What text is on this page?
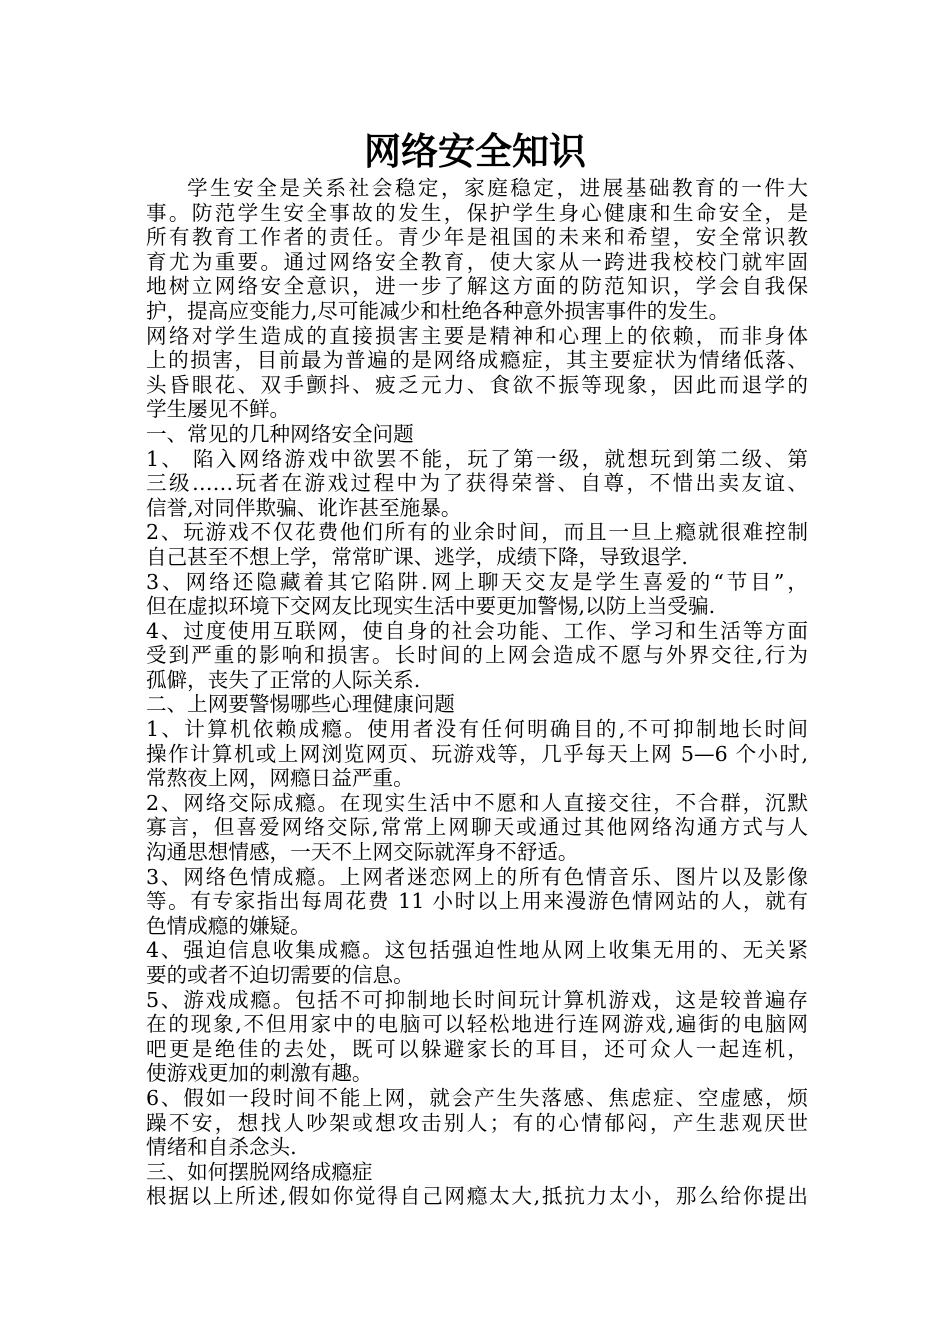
网络安全知识
学生安全是关系社会稳定，家庭稳定，进展基础教育的一件大
事。防范学生安全事故的发生，保护学生身心健康和生命安全，是
所有教育工作者的责任。青少年是祖国的未来和希望，安全常识教
育尤为重要。通过网络安全教育，使大家从一跨进我校校门就牢固
地树立网络安全意识，进一步了解这方面的防范知识，学会自我保
护，提高应变能力,尽可能减少和杜绝各种意外损害事件的发生。
网络对学生造成的直接损害主要是精神和心理上的依赖，而非身体
上的损害，目前最为普遍的是网络成瘾症，其主要症状为情绪低落、
头昏眼花、双手颤抖、疲乏元力、食欲不振等现象，因此而退学的
学生屡见不鲜。
一、常见的几种网络安全问题
1、 陷入网络游戏中欲罢不能，玩了第一级，就想玩到第二级、第
三级……玩者在游戏过程中为了获得荣誉、自尊，不惜出卖友谊、
信誉,对同伴欺骗、讹诈甚至施暴。
2、玩游戏不仅花费他们所有的业余时间，而且一旦上瘾就很难控制
自己甚至不想上学，常常旷课、逃学，成绩下降，导致退学.
3、网络还隐藏着其它陷阱.网上聊天交友是学生喜爱的“节目”，
但在虚拟环境下交网友比现实生活中要更加警惕,以防上当受骗.
4、过度使用互联网，使自身的社会功能、工作、学习和生活等方面
受到严重的影响和损害。长时间的上网会造成不愿与外界交往,行为
孤僻，丧失了正常的人际关系.
二、上网要警惕哪些心理健康问题
1、计算机依赖成瘾。使用者没有任何明确目的,不可抑制地长时间
操作计算机或上网浏览网页、玩游戏等，几乎每天上网 5—6 个小时,
常熬夜上网，网瘾日益严重。
2、网络交际成瘾。在现实生活中不愿和人直接交往，不合群，沉默
寡言，但喜爱网络交际,常常上网聊天或通过其他网络沟通方式与人
沟通思想情感，一天不上网交际就浑身不舒适。
3、网络色情成瘾。上网者迷恋网上的所有色情音乐、图片以及影像
等。有专家指出每周花费 11 小时以上用来漫游色情网站的人，就有
色情成瘾的嫌疑。
4、强迫信息收集成瘾。这包括强迫性地从网上收集无用的、无关紧
要的或者不迫切需要的信息。
5、游戏成瘾。包括不可抑制地长时间玩计算机游戏，这是较普遍存
在的现象,不但用家中的电脑可以轻松地进行连网游戏,遍街的电脑网
吧更是绝佳的去处，既可以躲避家长的耳目，还可众人一起连机，
使游戏更加的刺激有趣。
6、假如一段时间不能上网，就会产生失落感、焦虑症、空虚感，烦
躁不安，想找人吵架或想攻击别人；有的心情郁闷，产生悲观厌世
情绪和自杀念头.
三、如何摆脱网络成瘾症
根据以上所述,假如你觉得自己网瘾太大,抵抗力太小，那么给你提出
